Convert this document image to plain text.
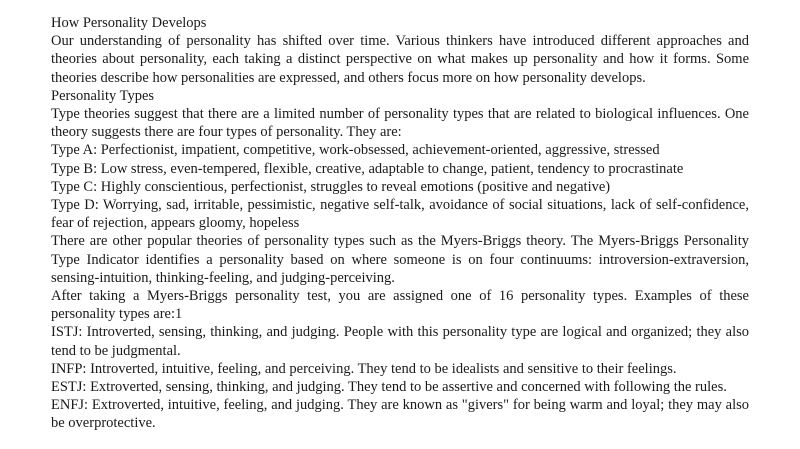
How Personality Develops

Our understanding of personality has shifted over time. Various thinkers have introduced different approaches and theories about personality, each taking a distinct perspective on what makes up personality and how it forms. Some theories describe how personalities are expressed, and others focus more on how personality develops.

Personality Types

Type theories suggest that there are a limited number of personality types that are related to biological influences. One theory suggests there are four types of personality. They are:

Type A: Perfectionist, impatient, competitive, work-obsessed, achievement-oriented, aggressive, stressed

Type B: Low stress, even-tempered, flexible, creative, adaptable to change, patient, tendency to procrastinate

Type C: Highly conscientious, perfectionist, struggles to reveal emotions (positive and negative)

Type D: Worrying, sad, irritable, pessimistic, negative self-talk, avoidance of social situations, lack of self-confidence, fear of rejection, appears gloomy, hopeless

There are other popular theories of personality types such as the Myers-Briggs theory. The Myers-Briggs Personality Type Indicator identifies a personality based on where someone is on four continuums: introversion-extraversion, sensing-intuition, thinking-feeling, and judging-perceiving.

After taking a Myers-Briggs personality test, you are assigned one of 16 personality types. Examples of these personality types are:1

ISTJ: Introverted, sensing, thinking, and judging. People with this personality type are logical and organized; they also tend to be judgmental.

INFP: Introverted, intuitive, feeling, and perceiving. They tend to be idealists and sensitive to their feelings.

ESTJ: Extroverted, sensing, thinking, and judging. They tend to be assertive and concerned with following the rules.

ENFJ: Extroverted, intuitive, feeling, and judging. They are known as "givers" for being warm and loyal; they may also be overprotective.
